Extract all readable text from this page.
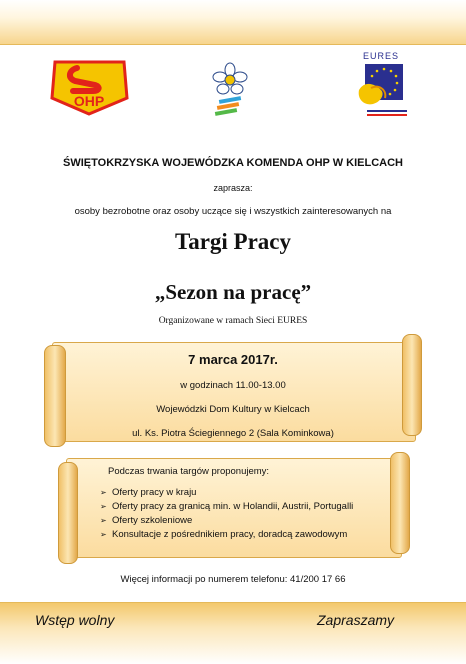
OHP
EURES
ŚWIĘTOKRZYSKA WOJEWÓDZKA KOMENDA OHP W KIELCACH
zaprasza:
osoby bezrobotne oraz osoby uczące się i wszystkich zainteresowanych na
Targi Pracy
„Sezon na pracę”
Organizowane w ramach Sieci EURES
7 marca 2017r.
w godzinach 11.00-13.00
Wojewódzki Dom Kultury w Kielcach
ul. Ks. Piotra Ściegiennego 2 (Sala Kominkowa)
Podczas trwania targów proponujemy:
➢ Oferty pracy w kraju
➢ Oferty pracy za granicą min. w Holandii, Austrii, Portugalli
➢ Oferty szkoleniowe
➢ Konsultacje z pośrednikiem pracy, doradcą zawodowym
Więcej informacji po numerem telefonu: 41/200 17 66
Wstęp wolny	Zapraszamy
